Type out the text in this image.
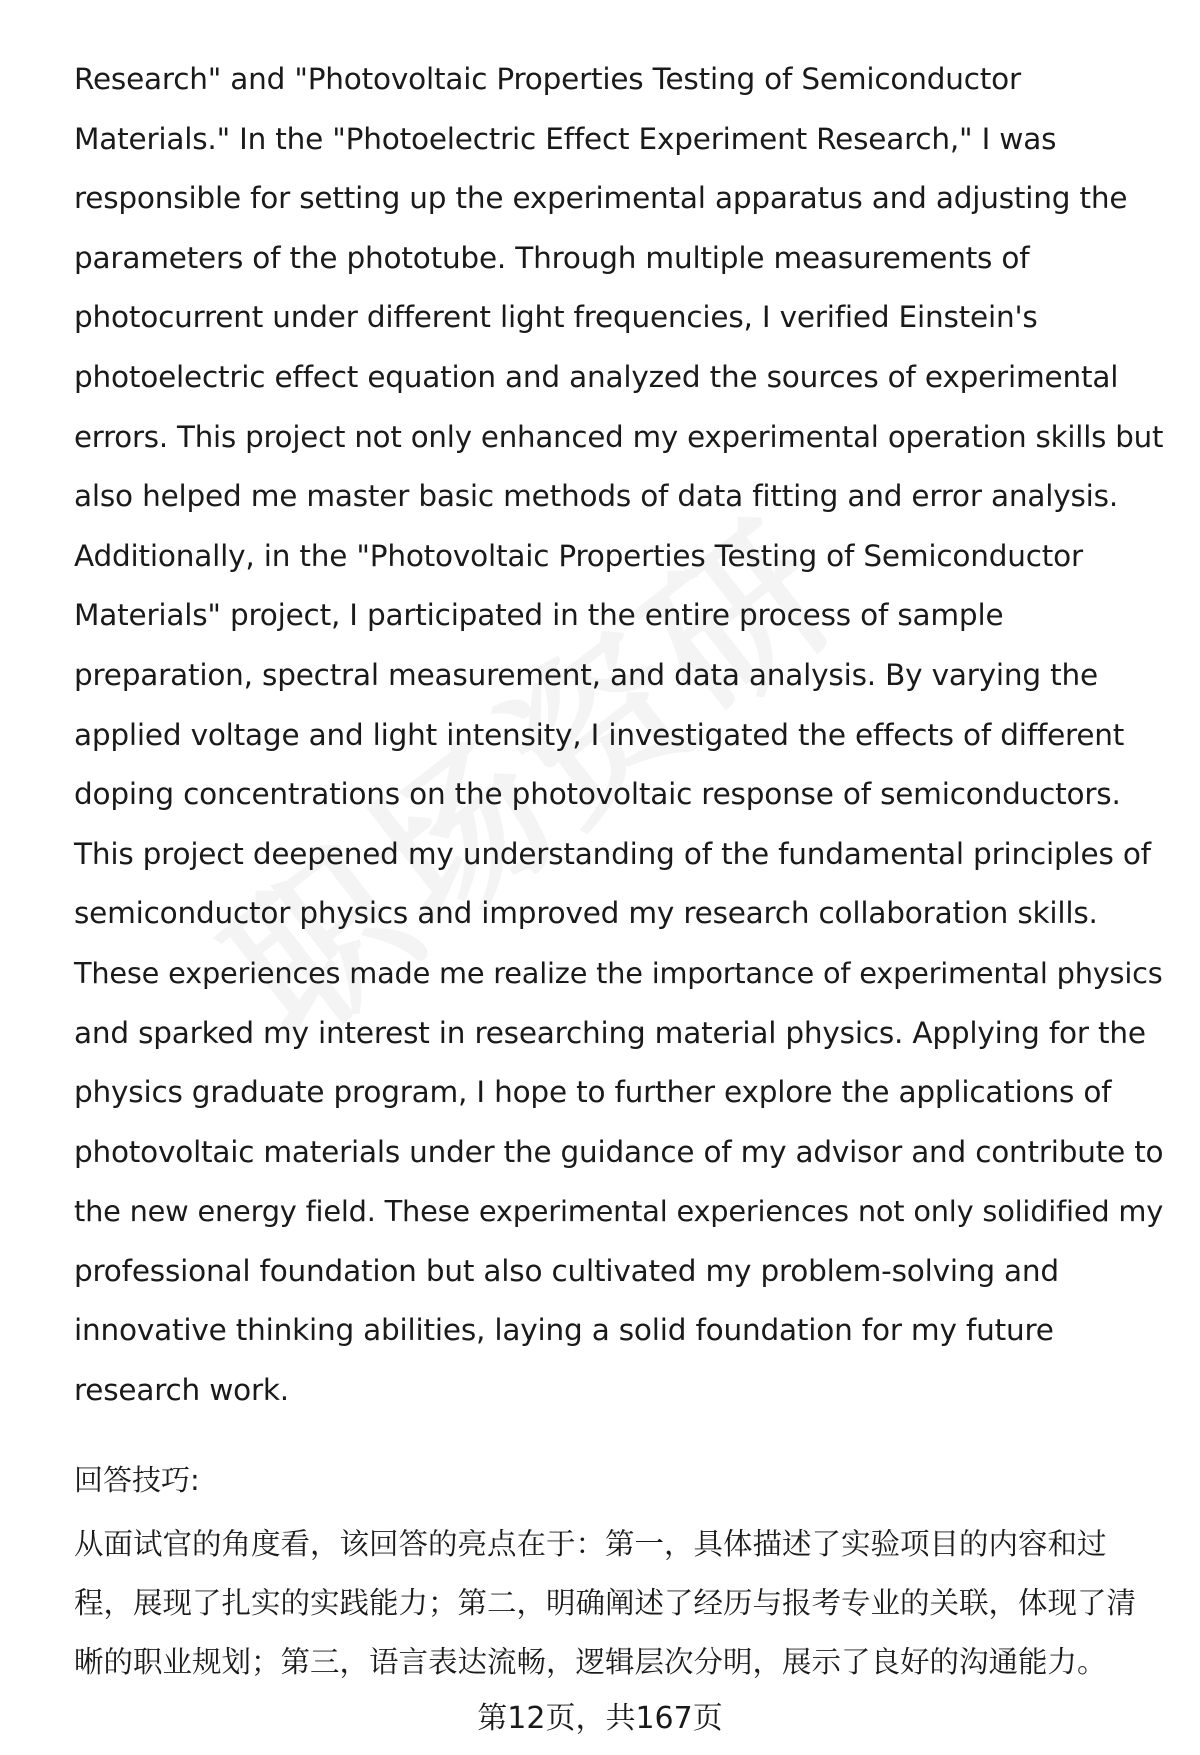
Research" and "Photovoltaic Properties Testing of Semiconductor
Materials." In the "Photoelectric Effect Experiment Research," I was
responsible for setting up the experimental apparatus and adjusting the
parameters of the phototube. Through multiple measurements of
photocurrent under different light frequencies, I verified Einstein's
photoelectric effect equation and analyzed the sources of experimental
errors. This project not only enhanced my experimental operation skills but
also helped me master basic methods of data fitting and error analysis.
Additionally, in the "Photovoltaic Properties Testing of Semiconductor
Materials" project, I participated in the entire process of sample
preparation, spectral measurement, and data analysis. By varying the
applied voltage and light intensity, I investigated the effects of different
doping concentrations on the photovoltaic response of semiconductors.
This project deepened my understanding of the fundamental principles of
semiconductor physics and improved my research collaboration skills.
These experiences made me realize the importance of experimental physics
and sparked my interest in researching material physics. Applying for the
physics graduate program, I hope to further explore the applications of
photovoltaic materials under the guidance of my advisor and contribute to
the new energy field. These experimental experiences not only solidified my
professional foundation but also cultivated my problem-solving and
innovative thinking abilities, laying a solid foundation for my future
research work.

回答技巧:

从面试官的角度看，该回答的亮点在于：第一，具体描述了实验项目的内容和过
程，展现了扎实的实践能力；第二，明确阐述了经历与报考专业的关联，体现了清
晰的职业规划；第三，语言表达流畅，逻辑层次分明，展示了良好的沟通能力。

第12页，共167页
